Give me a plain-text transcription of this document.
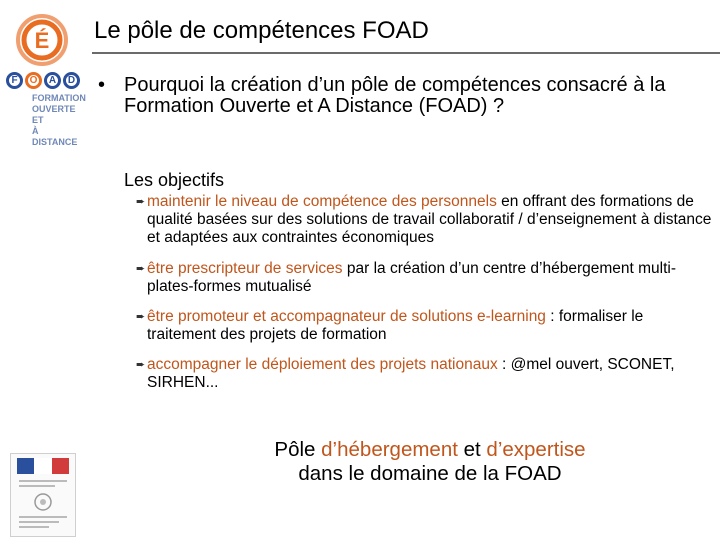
É
F	O	A	D
FORMATION
OUVERTE ET
À DISTANCE
Le pôle de compétences FOAD
• Pourquoi la création d’un pôle de compétences consacré à la Formation Ouverte et A Distance (FOAD) ?
Les objectifs
➨ maintenir le niveau de compétence des personnels en offrant des formations de qualité basées sur des solutions de travail collaboratif / d’enseignement à distance et adaptées aux contraintes économiques
➨ être prescripteur de services par la création d’un centre d’hébergement multi-plates-formes mutualisé
➨ être promoteur et accompagnateur de solutions e-learning : formaliser le traitement des projets de formation
➨ accompagner le déploiement des projets nationaux : @mel ouvert, SCONET, SIRHEN...
Pôle d’hébergement et d’expertise
dans le domaine de la FOAD
